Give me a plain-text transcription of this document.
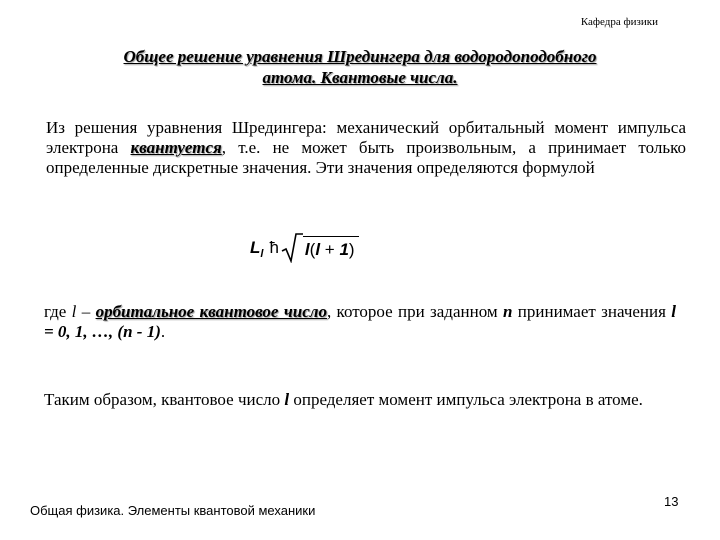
Кафедра физики
Общее решение уравнения Шредингера для водородоподобного
атома. Квантовые числа.
Из решения уравнения Шредингера: механический орбитальный момент импульса электрона квантуется, т.е. не может быть произвольным, а принимает только определенные дискретные значения. Эти значения определяются формулой
L l ħ l(l + 1)
где l – орбитальное квантовое число, которое при заданном n принимает значения l = 0, 1, …, (n - 1).
Таким образом, квантовое число l определяет момент импульса электрона в атоме.
Общая физика. Элементы квантовой механики
13
